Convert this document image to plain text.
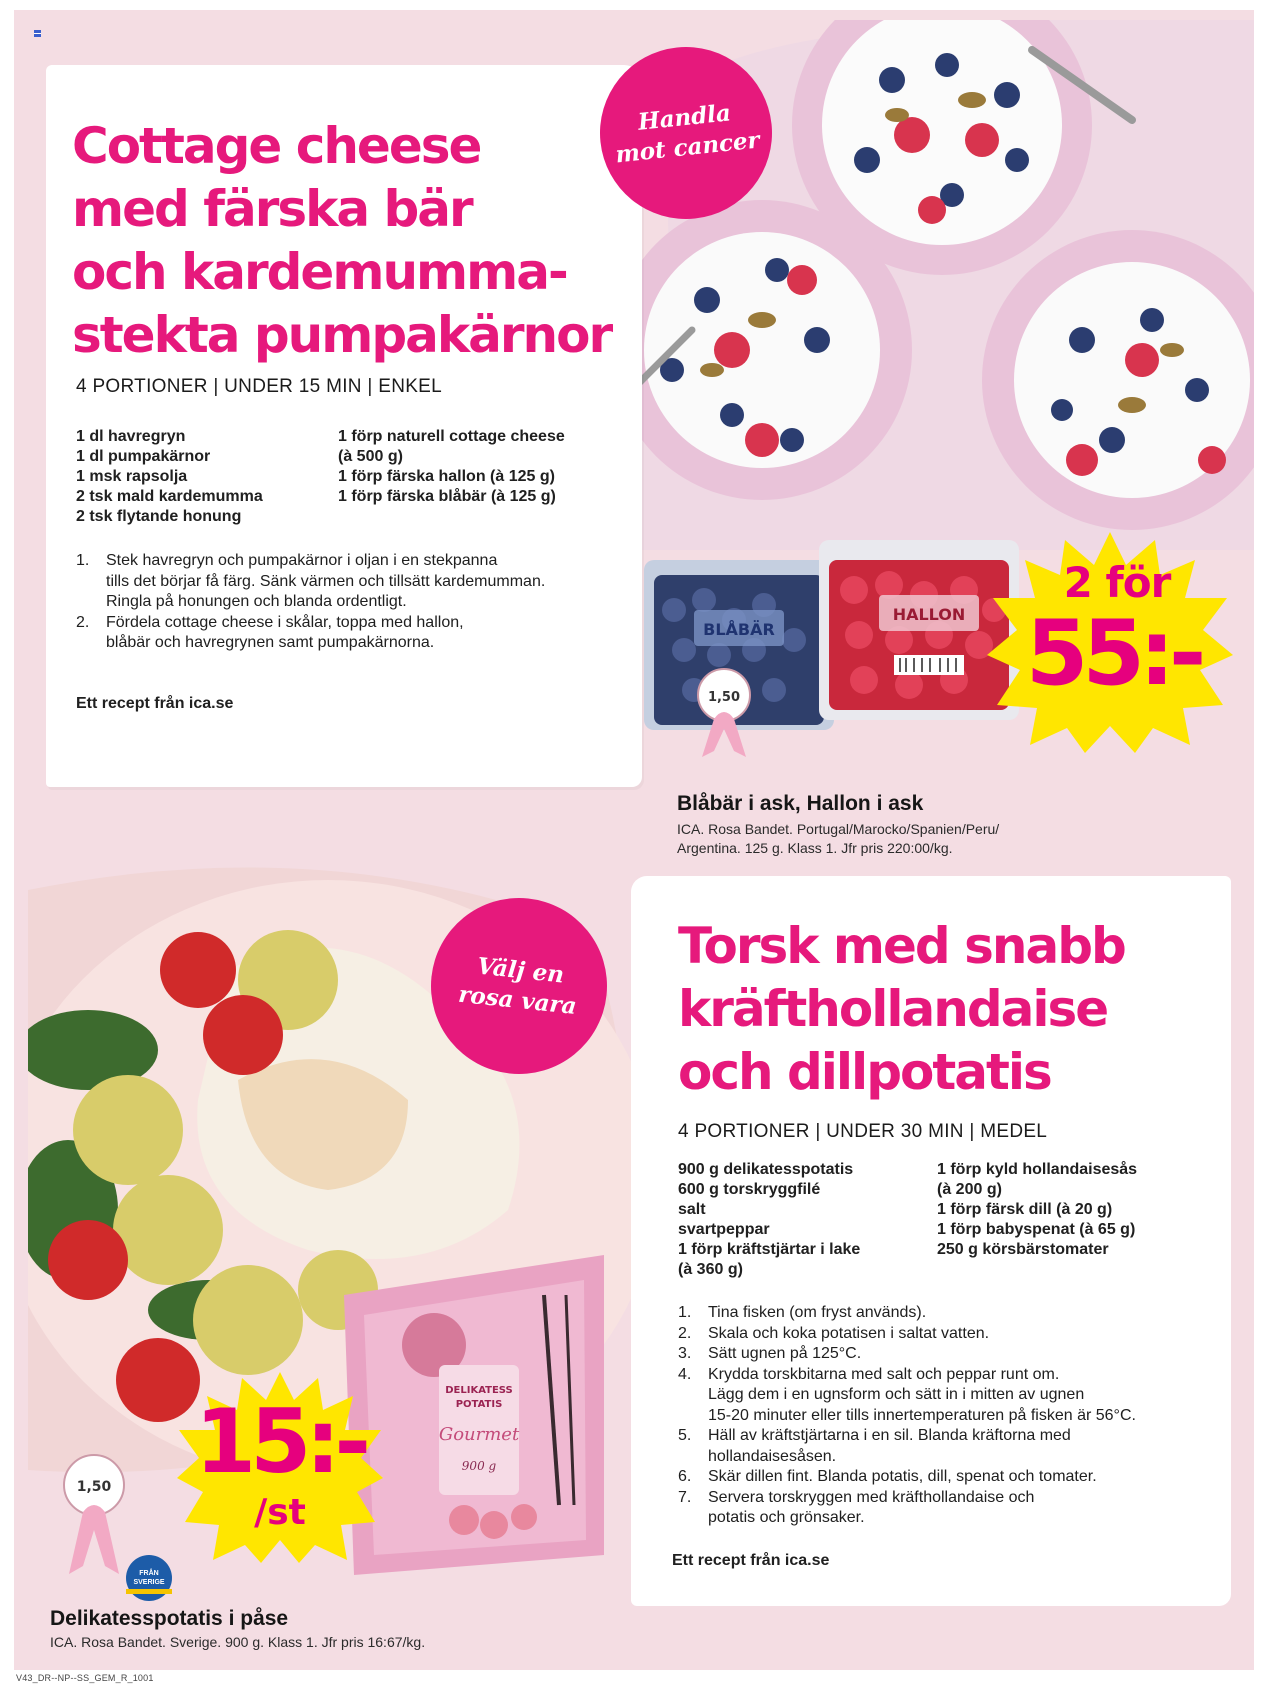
BLÅBÄR
HALLON
1,50
DELIKATESS
POTATIS
Gourmet
900 g
1,50
Cottage cheese
med färska bär
och kardemumma-
stekta pumpakärnor
4 PORTIONER | UNDER 15 MIN | ENKEL
1 dl havregryn
1 dl pumpakärnor
1 msk rapsolja
2 tsk mald kardemumma
2 tsk flytande honung
1 förp naturell cottage cheese
(à 500 g)
1 förp färska hallon (à 125 g)
1 förp färska blåbär (à 125 g)
1.	Stek havregryn och pumpakärnor i oljan i en stekpanna
tills det börjar få färg. Sänk värmen och tillsätt kardemumman.
Ringla på honungen och blanda ordentligt.
2.	Fördela cottage cheese i skålar, toppa med hallon,
blåbär och havregrynen samt pumpakärnorna.
Ett recept från ica.se
Handla
mot cancer
2 för
55:-
Blåbär i ask, Hallon i ask
ICA. Rosa Bandet. Portugal/Marocko/Spanien/Peru/
Argentina. 125 g. Klass 1. Jfr pris 220:00/kg.
Torsk med snabb
kräfthollandaise
och dillpotatis
4 PORTIONER | UNDER 30 MIN | MEDEL
900 g delikatesspotatis
600 g torskryggfilé
salt
svartpeppar
1 förp kräftstjärtar i lake
(à 360 g)
1 förp kyld hollandaisesås
(à 200 g)
1 förp färsk dill (à 20 g)
1 förp babyspenat (à 65 g)
250 g körsbärstomater
1.	Tina fisken (om fryst används).
2.	Skala och koka potatisen i saltat vatten.
3.	Sätt ugnen på 125°C.
4.	Krydda torskbitarna med salt och peppar runt om.
Lägg dem i en ugnsform och sätt in i mitten av ugnen
15-20 minuter eller tills innertemperaturen på fisken är 56°C.
5.	Häll av kräftstjärtarna i en sil. Blanda kräftorna med
hollandaisesåsen.
6.	Skär dillen fint. Blanda potatis, dill, spenat och tomater.
7.	Servera torskryggen med kräfthollandaise och
potatis och grönsaker.
Ett recept från ica.se
Välj en
rosa vara
15:-
/st
FRÅN
SVERIGE
Delikatesspotatis i påse
ICA. Rosa Bandet. Sverige. 900 g. Klass 1. Jfr pris 16:67/kg.
V43_DR--NP--SS_GEM_R_1001
